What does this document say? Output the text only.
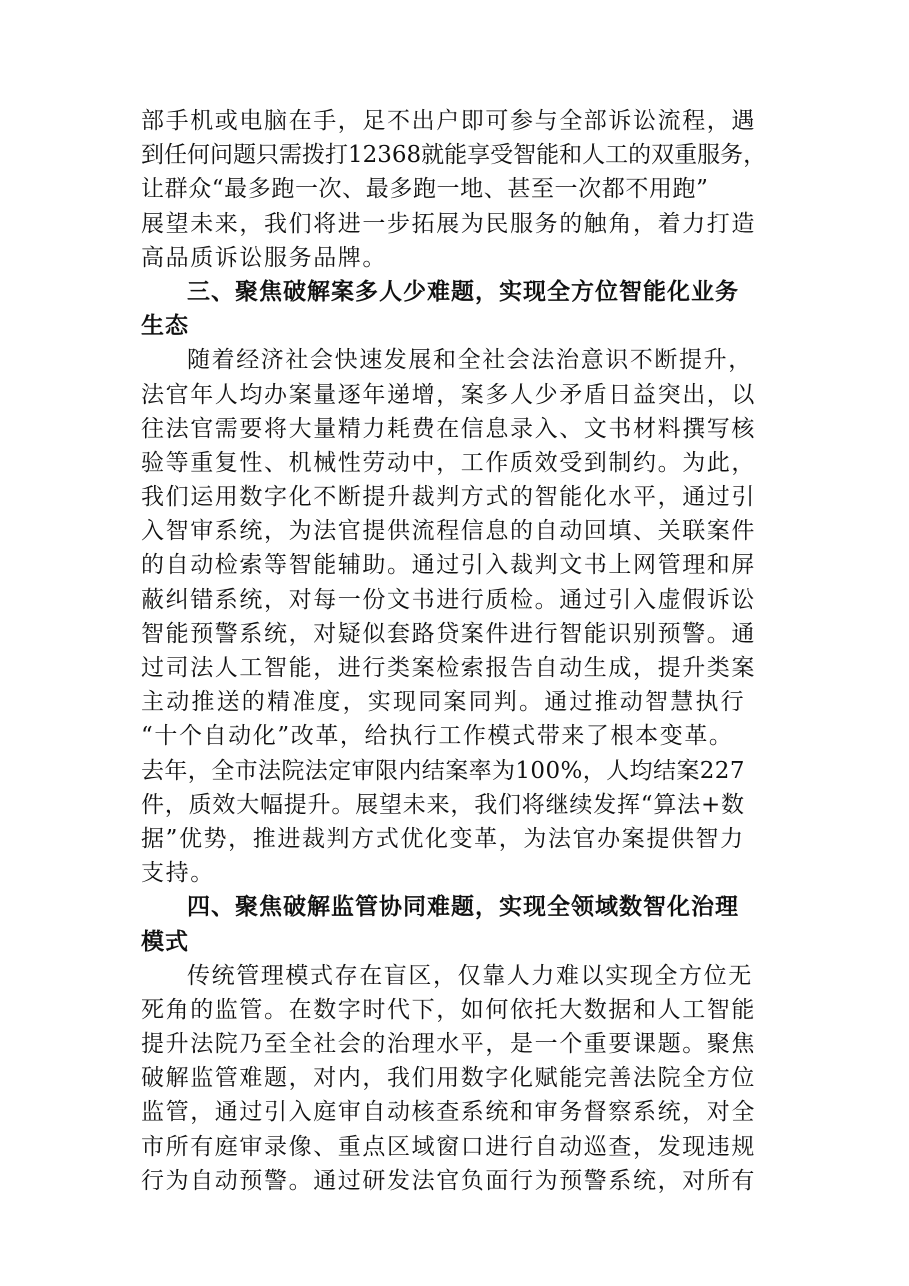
部手机或电脑在手，足不出户即可参与全部诉讼流程，遇

到任何问题只需拨打12368就能享受智能和人工的双重服务，

让群众“最多跑一次、最多跑一地、甚至一次都不用跑”

展望未来，我们将进一步拓展为民服务的触角，着力打造

高品质诉讼服务品牌。

三、聚焦破解案多人少难题，实现全方位智能化业务

生态

随着经济社会快速发展和全社会法治意识不断提升，

法官年人均办案量逐年递增，案多人少矛盾日益突出，以

往法官需要将大量精力耗费在信息录入、文书材料撰写核

验等重复性、机械性劳动中，工作质效受到制约。为此，

我们运用数字化不断提升裁判方式的智能化水平，通过引

入智审系统，为法官提供流程信息的自动回填、关联案件

的自动检索等智能辅助。通过引入裁判文书上网管理和屏

蔽纠错系统，对每一份文书进行质检。通过引入虚假诉讼

智能预警系统，对疑似套路贷案件进行智能识别预警。通

过司法人工智能，进行类案检索报告自动生成，提升类案

主动推送的精准度，实现同案同判。通过推动智慧执行

“十个自动化”改革，给执行工作模式带来了根本变革。

去年，全市法院法定审限内结案率为100%，人均结案227

件，质效大幅提升。展望未来，我们将继续发挥“算法+数

据”优势，推进裁判方式优化变革，为法官办案提供智力

支持。

四、聚焦破解监管协同难题，实现全领域数智化治理

模式

传统管理模式存在盲区，仅靠人力难以实现全方位无

死角的监管。在数字时代下，如何依托大数据和人工智能

提升法院乃至全社会的治理水平，是一个重要课题。聚焦

破解监管难题，对内，我们用数字化赋能完善法院全方位

监管，通过引入庭审自动核查系统和审务督察系统，对全

市所有庭审录像、重点区域窗口进行自动巡查，发现违规

行为自动预警。通过研发法官负面行为预警系统，对所有
